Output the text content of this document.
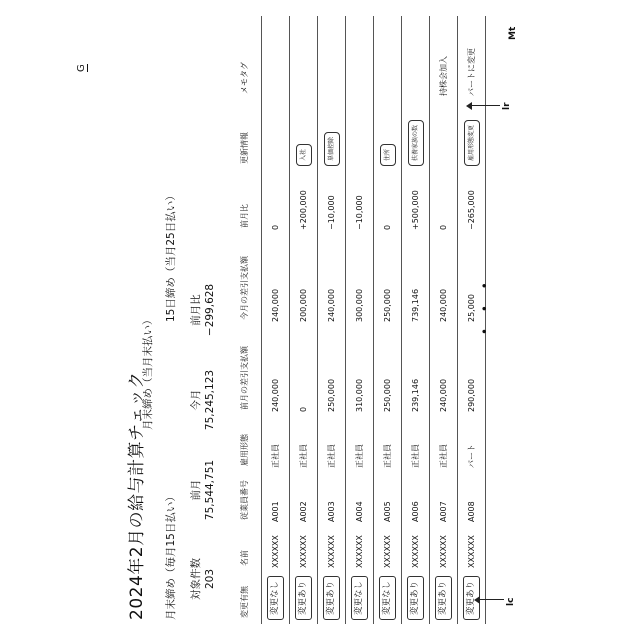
2024年2月の給与計算チェック 月末締め（毎月15日払い）
15日締め（当月25日払い）
月末締め（当月末払い）
対象件数 203
前月 75,544,751
今月 75,245,123
前月比 −299,628
G
変更有無	名前	従業員番号	雇用形態	前月の差引支払額	今月の差引支払額	前月比	更新情報	メモタグ
変更なし	XXXXXX	A001	正社員	240,000	240,000	0		
変更あり	XXXXXX	A002	正社員	0	200,000	+200,000	入社	
変更あり	XXXXXX	A003	正社員	250,000	240,000	−10,000	単価控除	
変更なし	XXXXXX	A004	正社員	310,000	300,000	−10,000		
変更なし	XXXXXX	A005	正社員	250,000	250,000	0	住所	
変更あり	XXXXXX	A006	正社員	239,146	739,146	+500,000	扶養家族の数	
変更あり	XXXXXX	A007	正社員	240,000	240,000	0		持株会加入
変更あり	XXXXXX	A008	パート	290,000	25,000	−265,000	雇用形態変更	パートに変更
• • •
lc
lr
Mt
